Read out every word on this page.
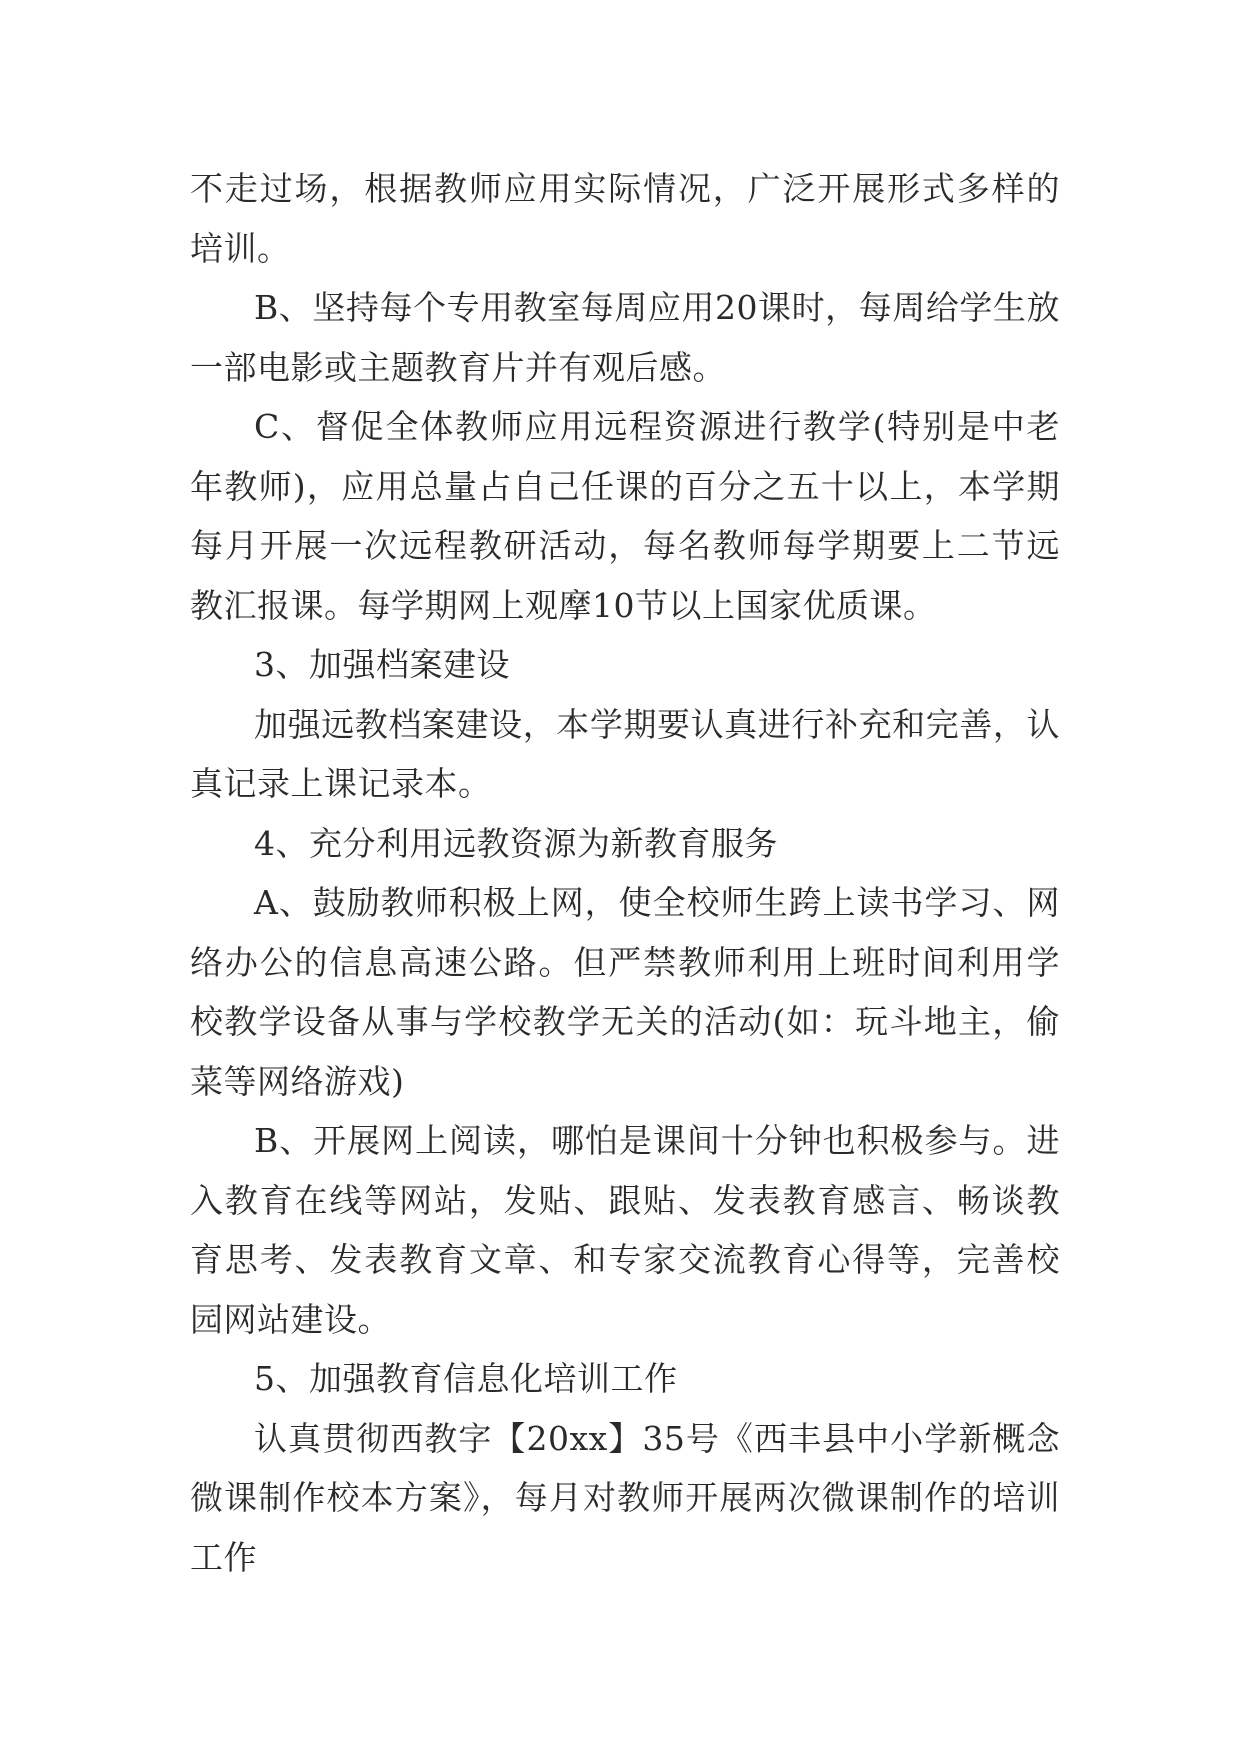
不走过场，根据教师应用实际情况，广泛开展形式多样的培训。

B、坚持每个专用教室每周应用20课时，每周给学生放一部电影或主题教育片并有观后感。

C、督促全体教师应用远程资源进行教学(特别是中老年教师)，应用总量占自己任课的百分之五十以上，本学期每月开展一次远程教研活动，每名教师每学期要上二节远教汇报课。每学期网上观摩10节以上国家优质课。

3、加强档案建设

加强远教档案建设，本学期要认真进行补充和完善，认真记录上课记录本。

4、充分利用远教资源为新教育服务

A、鼓励教师积极上网，使全校师生跨上读书学习、网络办公的信息高速公路。但严禁教师利用上班时间利用学校教学设备从事与学校教学无关的活动(如：玩斗地主，偷菜等网络游戏)

B、开展网上阅读，哪怕是课间十分钟也积极参与。进入教育在线等网站，发贴、跟贴、发表教育感言、畅谈教育思考、发表教育文章、和专家交流教育心得等，完善校园网站建设。

5、加强教育信息化培训工作

认真贯彻西教字【20xx】35号《西丰县中小学新概念微课制作校本方案》，每月对教师开展两次微课制作的培训工作
